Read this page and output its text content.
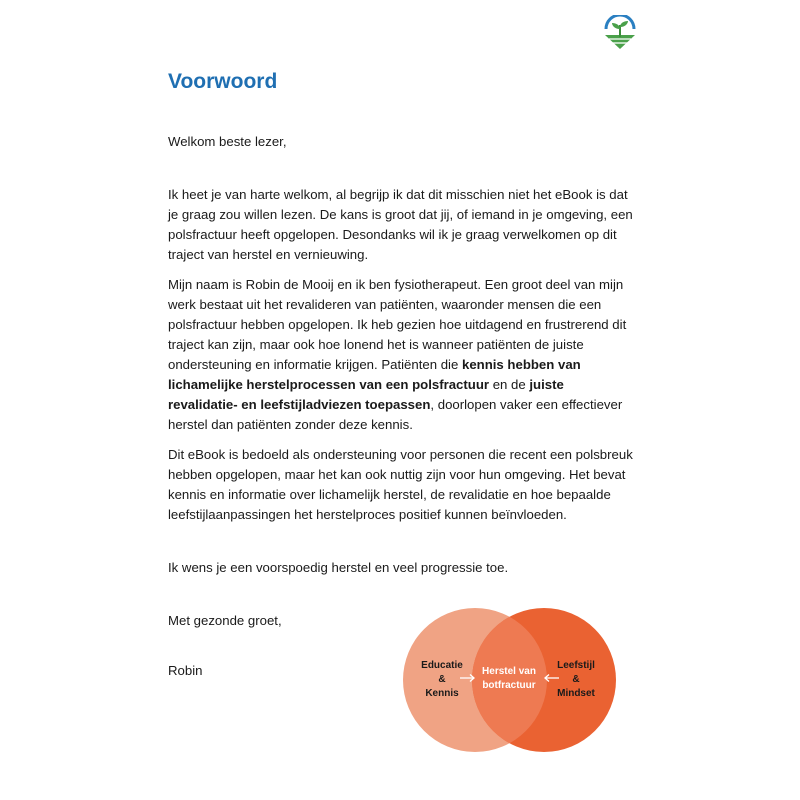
Voorwoord

Welkom beste lezer,

Ik heet je van harte welkom, al begrijp ik dat dit misschien niet het eBook is dat je graag zou willen lezen. De kans is groot dat jij, of iemand in je omgeving, een polsfractuur heeft opgelopen. Desondanks wil ik je graag verwelkomen op dit traject van herstel en vernieuwing.

Mijn naam is Robin de Mooij en ik ben fysiotherapeut. Een groot deel van mijn werk bestaat uit het revalideren van patiënten, waaronder mensen die een polsfractuur hebben opgelopen. Ik heb gezien hoe uitdagend en frustrerend dit traject kan zijn, maar ook hoe lonend het is wanneer patiënten de juiste ondersteuning en informatie krijgen. Patiënten die kennis hebben van lichamelijke herstelprocessen van een polsfractuur en de juiste revalidatie- en leefstijladviezen toepassen, doorlopen vaker een effectiever herstel dan patiënten zonder deze kennis.

Dit eBook is bedoeld als ondersteuning voor personen die recent een polsbreuk hebben opgelopen, maar het kan ook nuttig zijn voor hun omgeving. Het bevat kennis en informatie over lichamelijk herstel, de revalidatie en hoe bepaalde leefstijlaanpassingen het herstelproces positief kunnen beïnvloeden.

Ik wens je een voorspoedig herstel en veel progressie toe.

Met gezonde groet,

Robin	Educatie
&
Kennis
Herstel van
botfractuur
Leefstijl
&
Mindset
